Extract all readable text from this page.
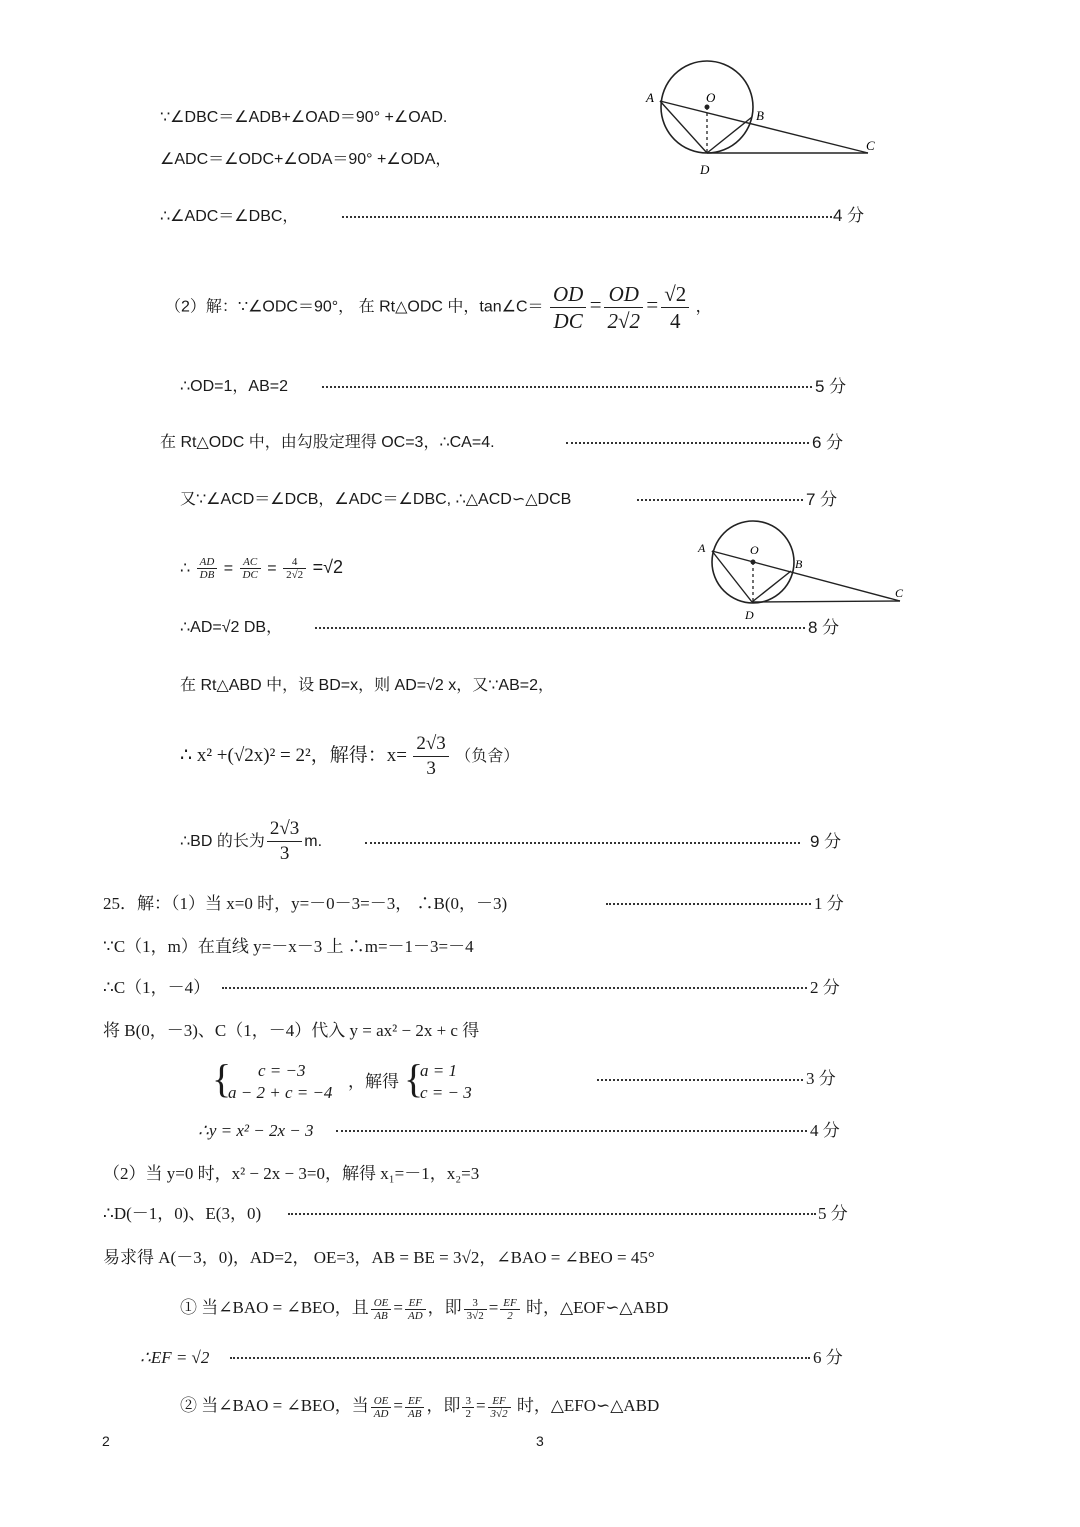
A	O
B
C
D
A	O
B
C
D
∵∠DBC＝∠ADB+∠OAD＝90° +∠OAD.
∠ADC＝∠ODC+∠ODA＝90° +∠ODA，
∴∠ADC＝∠DBC，	4 分
（2）解：∵∠ODC＝90°， 在 Rt△ODC 中，tan∠C＝ $\frac{OD}{DC} = \frac{OD}{2√2} = \frac{√2}{4}$ ，
∴OD=1，AB=2	5 分
在 Rt△ODC 中，由勾股定理得 OC=3，∴CA=4.	6 分
又∵∠ACD＝∠DCB，∠ADC＝∠DBC, ∴△ACD∽△DCB	7 分
∴ $\frac{AD}{DB} = \frac{AC}{DC} = \frac{4}{2√2} =√2$
∴AD=√2 DB，	8 分
在 Rt△ABD 中，设 BD=x，则 AD=√2 x，又∵AB=2，
∴ x² +(√2x)² = 2²，解得：$x= \frac{2√3}{3}$ （负舍）
∴BD 的长为 $\frac{2√3}{3} m$.	9 分
25．解：（1）当 x=0 时，y=－0－3=－3， ∴B(0，－3)	1 分
∵C（1，m）在直线 y=－x－3 上 ∴m=－1－3=－4
∴C（1，－4）	2 分
将 B(0，－3)、C（1，－4）代入 y = ax² − 2x + c 得
{ c = −3
a − 2 + c = −4
，解得 {
a = 1
c = − 3
3 分
∴y = x² − 2x − 3	4 分
（2）当 y=0 时，x² − 2x − 3=0，解得 x₁=－1，x₂=3
∴D(－1，0)、E(3，0)	5 分
易求得 A(－3，0)，AD=2， OE=3，AB = BE = 3√2，∠BAO = ∠BEO = 45°
① 当∠BAO = ∠BEO，且 $\frac{OE}{AB} = \frac{EF}{AD}$ ，即 $\frac{3}{3√2} = \frac{EF}{2}$ 时，△EOF∽△ABD
∴EF = √2	6 分
② 当∠BAO = ∠BEO，当 $\frac{OE}{AD} = \frac{EF}{AB}$ ，即 $\frac{3}{2} = \frac{EF}{3√2}$ 时，△EFO∽△ABD
2	3
